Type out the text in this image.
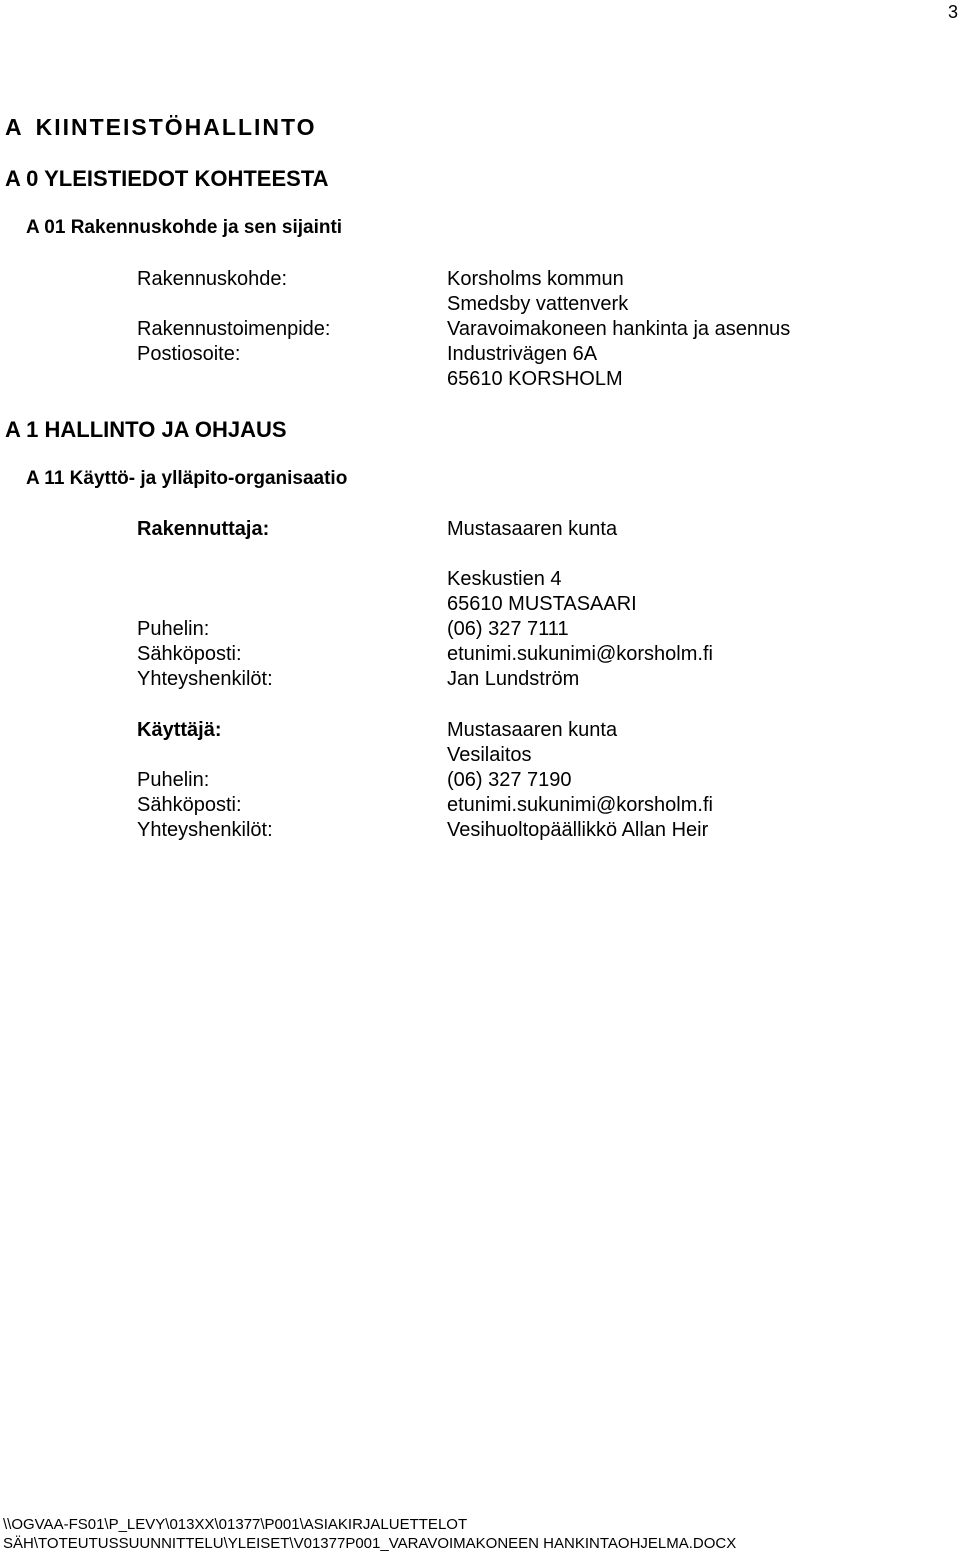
3
A KIINTEISTÖHALLINTO
A 0 YLEISTIEDOT KOHTEESTA
A 01 Rakennuskohde ja sen sijainti
Rakennuskohde:	Korsholms kommun
Smedsby vattenverk
Rakennustoimenpide:	Varavoimakoneen hankinta ja asennus
Postiosoite:	Industrivägen 6A
65610 KORSHOLM
A 1 HALLINTO JA OHJAUS
A 11 Käyttö- ja ylläpito-organisaatio
Rakennuttaja:	Mustasaaren kunta
Keskustien 4
65610 MUSTASAARI
Puhelin:	(06) 327 7111
Sähköposti:	etunimi.sukunimi@korsholm.fi
Yhteyshenkilöt:	Jan Lundström
Käyttäjä:	Mustasaaren kunta
Vesilaitos
Puhelin:	(06) 327 7190
Sähköposti:	etunimi.sukunimi@korsholm.fi
Yhteyshenkilöt:	Vesihuoltopäällikkö Allan Heir
\\OGVAA-FS01\P_LEVY\013XX\01377\P001\ASIAKIRJALUETTELOT
SÄH\TOTEUTUSSUUNNITTELU\YLEISET\V01377P001_VARAVOIMAKONEEN HANKINTAOHJELMA.DOCX
